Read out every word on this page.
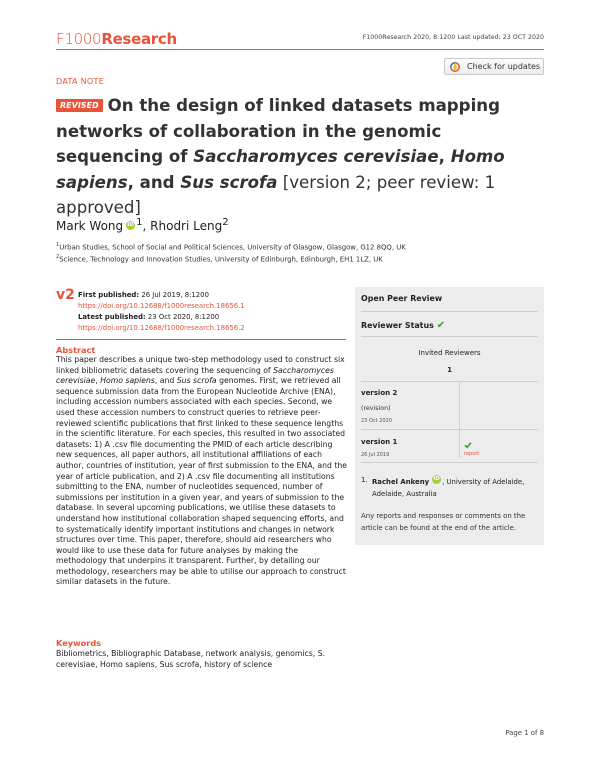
F1000Research	F1000Research 2020, 8:1200 Last updated: 23 OCT 2020
DATA NOTE
Check for updates
REVISED On the design of linked datasets mapping networks of collaboration in the genomic sequencing of Saccharomyces cerevisiae, Homo sapiens, and Sus scrofa [version 2; peer review: 1 approved]
Mark Wong iD $^1$, Rhodri Leng$^2$
$^1$Urban Studies, School of Social and Political Sciences, University of Glasgow, Glasgow, G12 8QQ, UK
$^2$Science, Technology and Innovation Studies, University of Edinburgh, Edinburgh, EH1 1LZ, UK
v2 First published: 26 Jul 2019, 8:1200
https://doi.org/10.12688/f1000research.18656.1
Latest published: 23 Oct 2020, 8:1200
https://doi.org/10.12688/f1000research.18656.2
Abstract
This paper describes a unique two-step methodology used to construct six linked bibliometric datasets covering the sequencing of Saccharomyces cerevisiae, Homo sapiens, and Sus scrofa genomes. First, we retrieved all sequence submission data from the European Nucleotide Archive (ENA), including accession numbers associated with each species. Second, we used these accession numbers to construct queries to retrieve peer-reviewed scientific publications that first linked to these sequence lengths in the scientific literature. For each species, this resulted in two associated datasets: 1) A .csv file documenting the PMID of each article describing new sequences, all paper authors, all institutional affiliations of each author, countries of institution, year of first submission to the ENA, and the year of article publication, and 2) A .csv file documenting all institutions submitting to the ENA, number of nucleotides sequenced, number of submissions per institution in a given year, and years of submission to the database. In several upcoming publications, we utilise these datasets to understand how institutional collaboration shaped sequencing efforts, and to systematically identify important institutions and changes in network structures over time. This paper, therefore, should aid researchers who would like to use these data for future analyses by making the methodology that underpins it transparent. Further, by detailing our methodology, researchers may be able to utilise our approach to construct similar datasets in the future.
Keywords
Bibliometrics, Bibliographic Database, network analysis, genomics, S. cerevisiae, Homo sapiens, Sus scrofa, history of science
Open Peer Review
Reviewer Status ✔
Invited Reviewers
1
version 2
(revision)
23 Oct 2020
version 1
26 Jul 2019	report
1. Rachel Ankeny iD , University of Adelaide, Adelaide, Australia
Any reports and responses or comments on the article can be found at the end of the article.
Page 1 of 8
